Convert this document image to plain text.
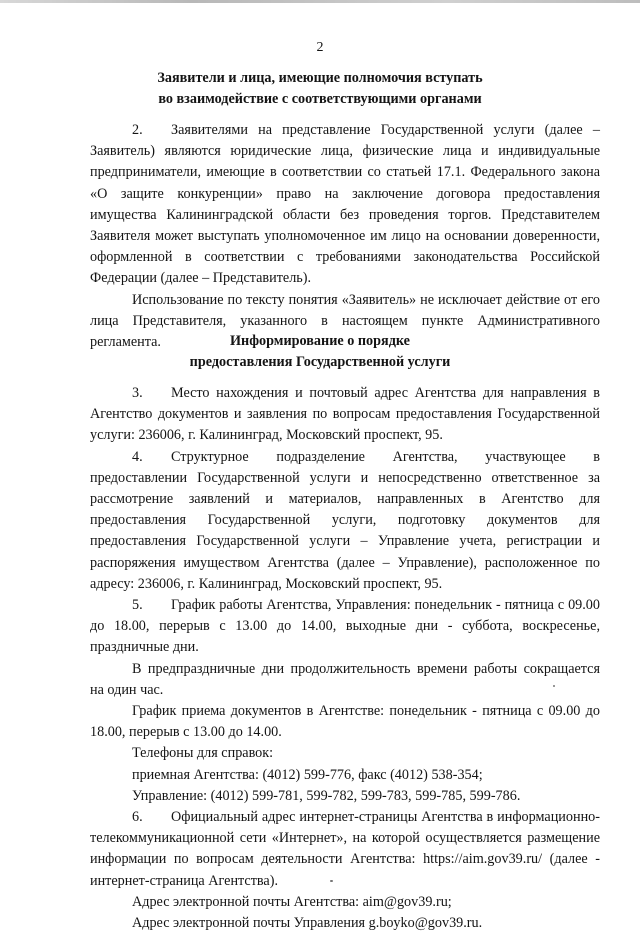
2
Заявители и лица, имеющие полномочия вступать
во взаимодействие с соответствующими органами

2.  Заявителями на представление Государственной услуги (далее – Заявитель) являются юридические лица, физические лица и индивидуальные предприниматели, имеющие в соответствии со статьей 17.1. Федерального закона «О защите конкуренции» право на заключение договора предоставления имущества Калининградской области без проведения торгов. Представителем Заявителя может выступать уполномоченное им лицо на основании доверенности, оформленной в соответствии с требованиями законодательства Российской Федерации (далее – Представитель).

Использование по тексту понятия «Заявитель» не исключает действие от его лица Представителя, указанного в настоящем пункте Административного регламента.	Информирование о порядке
предоставления Государственной услуги

3.  Место нахождения и почтовый адрес Агентства для направления в Агентство документов и заявления по вопросам предоставления Государственной услуги: 236006, г. Калининград, Московский проспект, 95.

4.  Структурное подразделение Агентства, участвующее в предоставлении Государственной услуги и непосредственно ответственное за рассмотрение заявлений и материалов, направленных в Агентство для предоставления Государственной услуги, подготовку документов для предоставления Государственной услуги – Управление учета, регистрации и распоряжения имуществом Агентства (далее – Управление), расположенное по адресу: 236006, г. Калининград, Московский проспект, 95.

5.  График работы Агентства, Управления: понедельник - пятница с 09.00 до 18.00, перерыв с 13.00 до 14.00, выходные дни - суббота, воскресенье, праздничные дни.

В предпраздничные дни продолжительность времени работы сокращается на один час.

График приема документов в Агентстве: понедельник - пятница с 09.00 до 18.00, перерыв с 13.00 до 14.00.

Телефоны для справок:

приемная Агентства: (4012) 599-776, факс (4012) 538-354;

Управление: (4012) 599-781, 599-782, 599-783, 599-785, 599-786.

6.  Официальный адрес интернет-страницы Агентства в информационно-телекоммуникационной сети «Интернет», на которой осуществляется размещение информации по вопросам деятельности Агентства: https://aim.gov39.ru/ (далее - интернет-страница Агентства).

Адрес электронной почты Агентства: aim@gov39.ru;

Адрес электронной почты Управления g.boyko@gov39.ru.
